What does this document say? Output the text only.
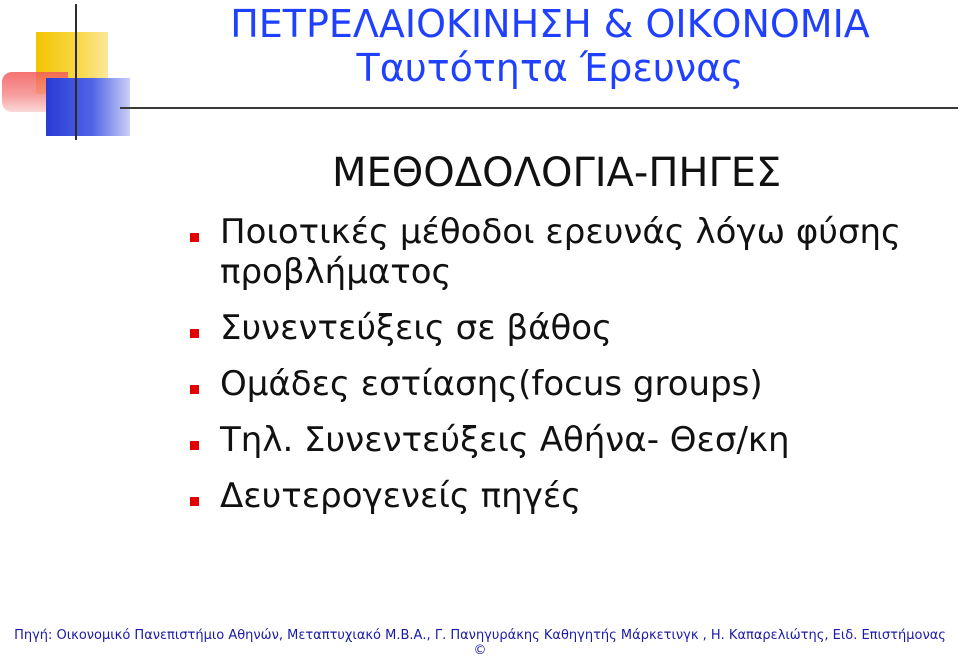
ΠΕΤΡΕΛΑΙΟΚΙΝΗΣΗ & ΟΙΚΟΝΟΜΙΑ
Ταυτότητα Έρευνας
ΜΕΘΟΔΟΛΟΓΙΑ-ΠΗΓΕΣ
Ποιοτικές μέθοδοι ερευνάς λόγω φύσης προβλήματος
Συνεντεύξεις σε βάθος
Ομάδες εστίασης(focus groups)
Τηλ. Συνεντεύξεις Αθήνα- Θεσ/κη
Δευτερογενείς πηγές
Πηγή: Οικονομικό Πανεπιστήμιο Αθηνών, Μεταπτυχιακό Μ.Β.Α., Γ. Πανηγυράκης Καθηγητής Μάρκετινγκ , Η. Καπαρελιώτης, Ειδ. Επιστήμονας
©
